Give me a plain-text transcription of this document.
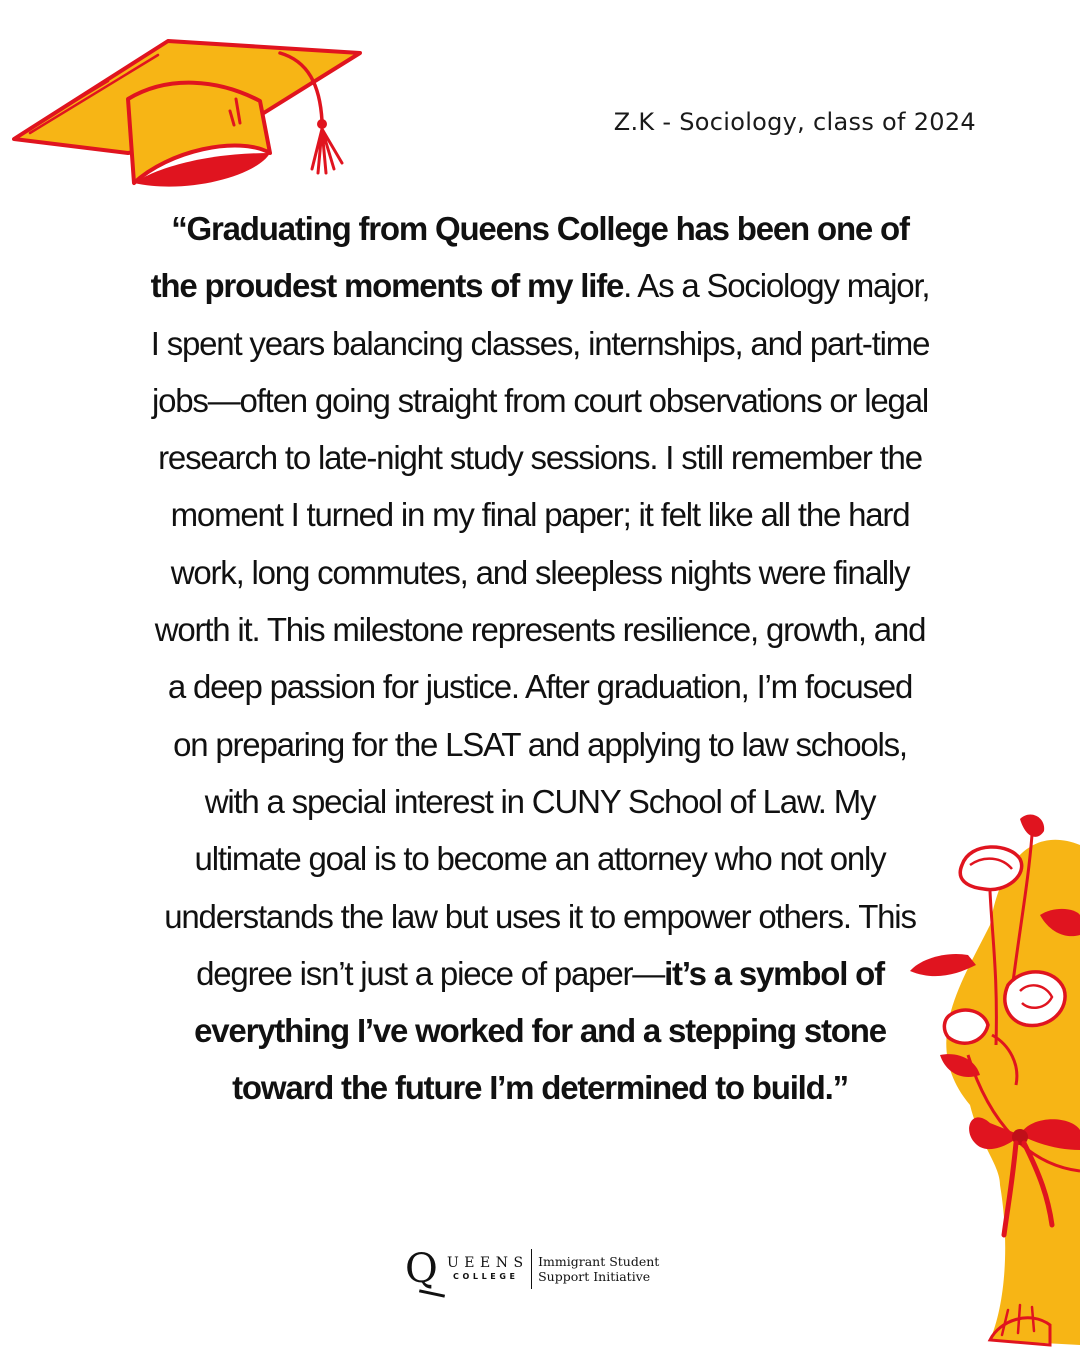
Z.K - Sociology, class of 2024

“Graduating from Queens College has been one of the proudest moments of my life. As a Sociology major, I spent years balancing classes, internships, and part-time jobs—often going straight from court observations or legal research to late-night study sessions. I still remember the moment I turned in my final paper; it felt like all the hard work, long commutes, and sleepless nights were finally worth it. This milestone represents resilience, growth, and a deep passion for justice. After graduation, I’m focused on preparing for the LSAT and applying to law schools, with a special interest in CUNY School of Law. My ultimate goal is to become an attorney who not only understands the law but uses it to empower others. This degree isn’t just a piece of paper—it’s a symbol of everything I’ve worked for and a stepping stone toward the future I’m determined to build.”

Q UEENS
COLLEGE
Immigrant Student
Support Initiative
